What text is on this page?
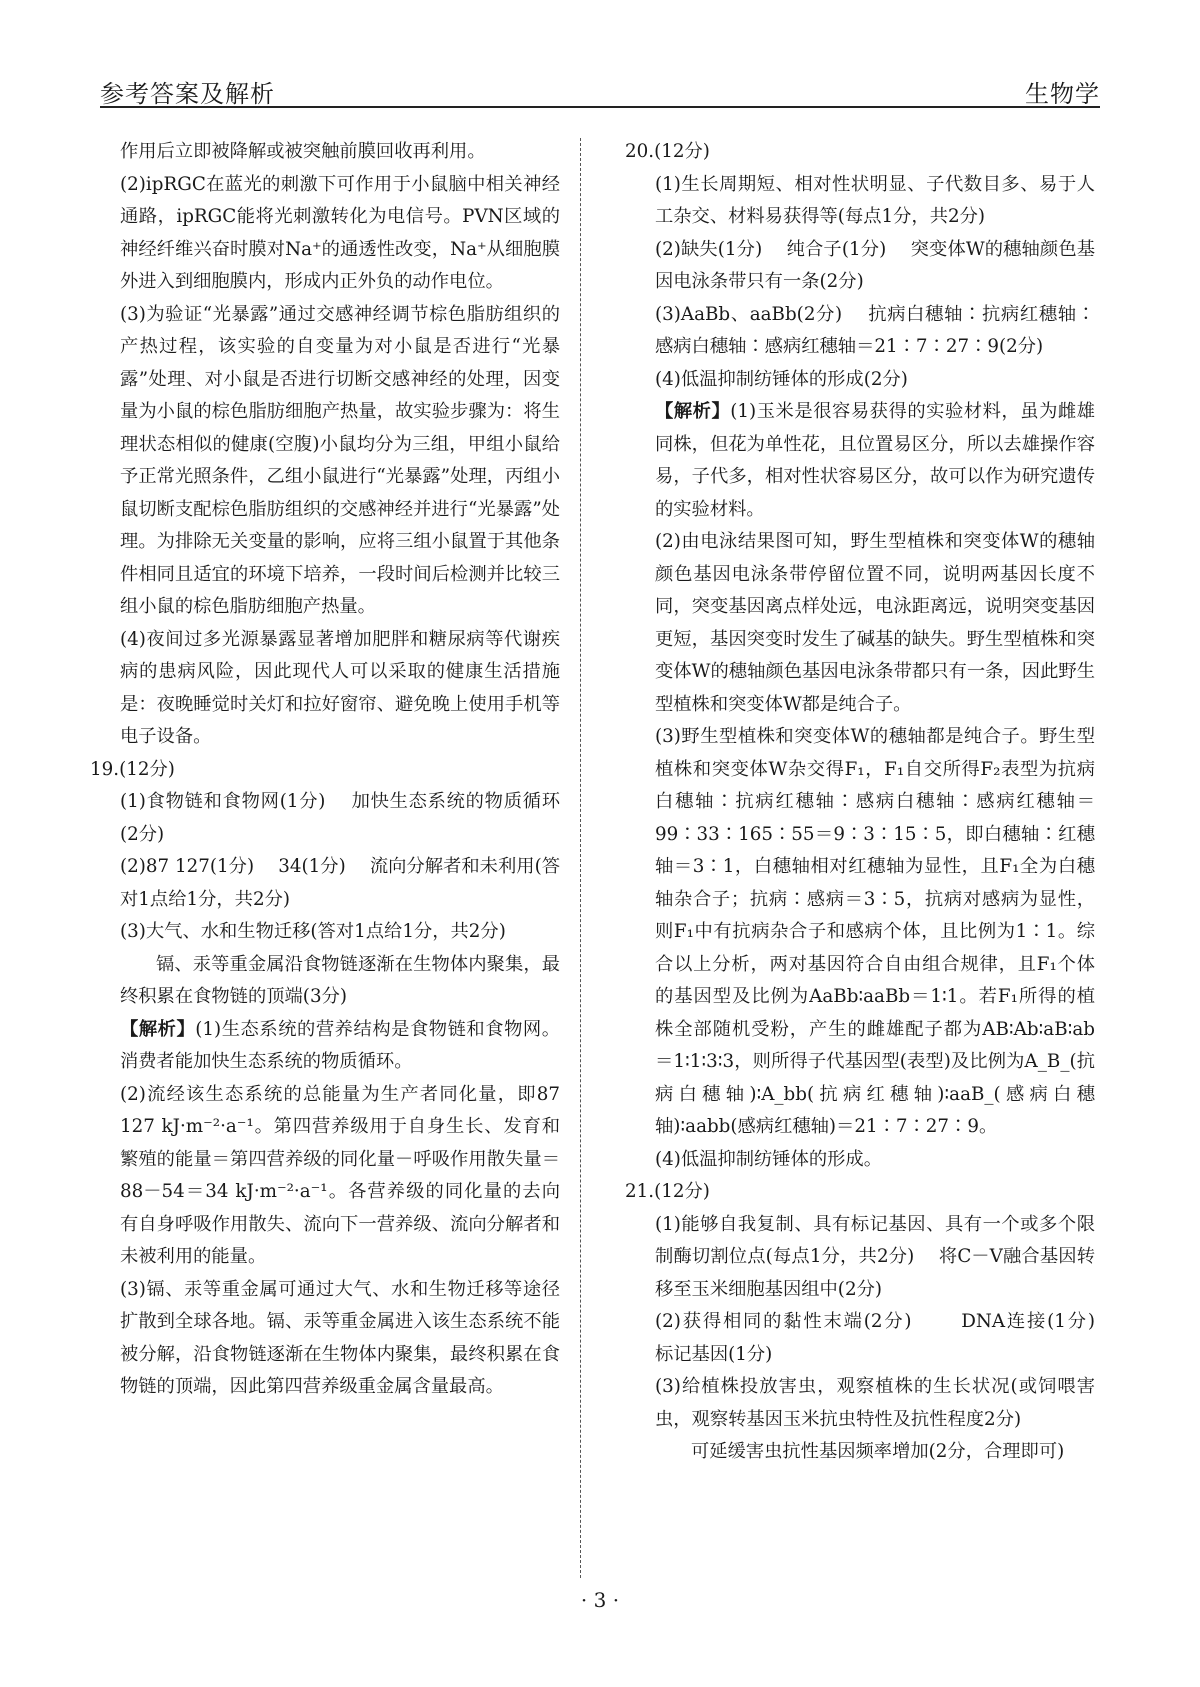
参考答案及解析	生物学

作用后立即被降解或被突触前膜回收再利用。

(2)ipRGC在蓝光的刺激下可作用于小鼠脑中相关神经通路，ipRGC能将光刺激转化为电信号。PVN区域的神经纤维兴奋时膜对Na⁺的通透性改变，Na⁺从细胞膜外进入到细胞膜内，形成内正外负的动作电位。

(3)为验证“光暴露”通过交感神经调节棕色脂肪组织的产热过程，该实验的自变量为对小鼠是否进行“光暴露”处理、对小鼠是否进行切断交感神经的处理，因变量为小鼠的棕色脂肪细胞产热量，故实验步骤为：将生理状态相似的健康(空腹)小鼠均分为三组，甲组小鼠给予正常光照条件，乙组小鼠进行“光暴露”处理，丙组小鼠切断支配棕色脂肪组织的交感神经并进行“光暴露”处理。为排除无关变量的影响，应将三组小鼠置于其他条件相同且适宜的环境下培养，一段时间后检测并比较三组小鼠的棕色脂肪细胞产热量。

(4)夜间过多光源暴露显著增加肥胖和糖尿病等代谢疾病的患病风险，因此现代人可以采取的健康生活措施是：夜晚睡觉时关灯和拉好窗帘、避免晚上使用手机等电子设备。

19.(12分)

(1)食物链和食物网(1分)　 加快生态系统的物质循环(2分)

(2)87 127(1分)　 34(1分)　 流向分解者和未利用(答对1点给1分，共2分)

(3)大气、水和生物迁移(答对1点给1分，共2分)

镉、汞等重金属沿食物链逐渐在生物体内聚集，最终积累在食物链的顶端(3分)

【解析】(1)生态系统的营养结构是食物链和食物网。消费者能加快生态系统的物质循环。

(2)流经该生态系统的总能量为生产者同化量，即87 127 kJ·m⁻²·a⁻¹。第四营养级用于自身生长、发育和繁殖的能量＝第四营养级的同化量－呼吸作用散失量＝88－54＝34 kJ·m⁻²·a⁻¹。各营养级的同化量的去向有自身呼吸作用散失、流向下一营养级、流向分解者和未被利用的能量。

(3)镉、汞等重金属可通过大气、水和生物迁移等途径扩散到全球各地。镉、汞等重金属进入该生态系统不能被分解，沿食物链逐渐在生物体内聚集，最终积累在食物链的顶端，因此第四营养级重金属含量最高。

20.(12分)

(1)生长周期短、相对性状明显、子代数目多、易于人工杂交、材料易获得等(每点1分，共2分)

(2)缺失(1分)　 纯合子(1分)　 突变体W的穗轴颜色基因电泳条带只有一条(2分)

(3)AaBb、aaBb(2分)　 抗病白穗轴∶抗病红穗轴∶感病白穗轴∶感病红穗轴＝21∶7∶27∶9(2分)

(4)低温抑制纺锤体的形成(2分)

【解析】(1)玉米是很容易获得的实验材料，虽为雌雄同株，但花为单性花，且位置易区分，所以去雄操作容易，子代多，相对性状容易区分，故可以作为研究遗传的实验材料。

(2)由电泳结果图可知，野生型植株和突变体W的穗轴颜色基因电泳条带停留位置不同，说明两基因长度不同，突变基因离点样处远，电泳距离远，说明突变基因更短，基因突变时发生了碱基的缺失。野生型植株和突变体W的穗轴颜色基因电泳条带都只有一条，因此野生型植株和突变体W都是纯合子。

(3)野生型植株和突变体W的穗轴都是纯合子。野生型植株和突变体W杂交得F₁，F₁自交所得F₂表型为抗病白穗轴∶抗病红穗轴∶感病白穗轴∶感病红穗轴＝99∶33∶165∶55＝9∶3∶15∶5，即白穗轴∶红穗轴＝3∶1，白穗轴相对红穗轴为显性，且F₁全为白穗轴杂合子；抗病∶感病＝3∶5，抗病对感病为显性，则F₁中有抗病杂合子和感病个体，且比例为1∶1。综合以上分析，两对基因符合自由组合规律，且F₁个体的基因型及比例为AaBb∶aaBb＝1∶1。若F₁所得的植株全部随机受粉，产生的雌雄配子都为AB∶Ab∶aB∶ab＝1∶1∶3∶3，则所得子代基因型(表型)及比例为A_B_(抗病白穗轴)∶A_bb(抗病红穗轴)∶aaB_(感病白穗轴)∶aabb(感病红穗轴)＝21∶7∶27∶9。

(4)低温抑制纺锤体的形成。

21.(12分)

(1)能够自我复制、具有标记基因、具有一个或多个限制酶切割位点(每点1分，共2分)　 将C－V融合基因转移至玉米细胞基因组中(2分)

(2)获得相同的黏性末端(2分)　　 DNA连接(1分)　 标记基因(1分)

(3)给植株投放害虫，观察植株的生长状况(或饲喂害虫，观察转基因玉米抗虫特性及抗性程度2分)

可延缓害虫抗性基因频率增加(2分，合理即可)

· 3 ·
